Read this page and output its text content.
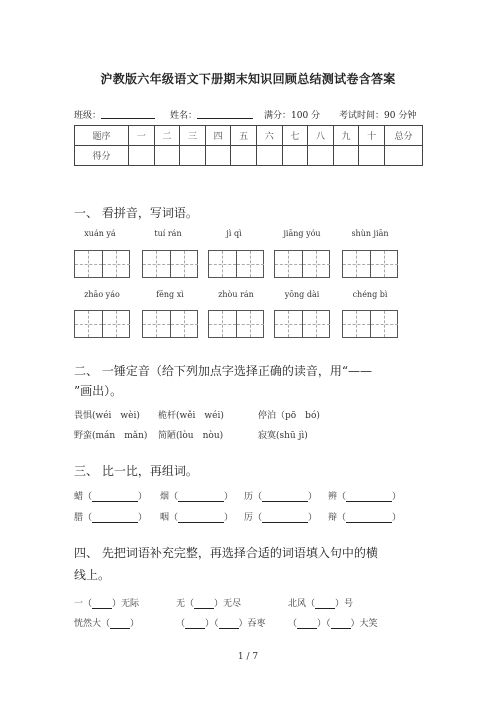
沪教版六年级语文下册期末知识回顾总结测试卷含答案
班级：	姓名：	满分：100 分 考试时间：90 分钟
题序	一	二	三	四	五	六	七	八	九	十	总分
得分											
一、 看拼音，写词语。
xuán yá	tuí rán	jì qì	jiāng yóu	shùn jiān
zhāo yáo	fēng xì	zhòu rán	yōng dài	chéng bì
二、 一锤定音（给下列加点字选择正确的读音，用“——
”画出）。
畏惧(wéi　wèi) 桅杆(wěi　wéi)	停泊（pō　bó)
野蛮(mán　mǎn) 简陋(lòu　nòu)	寂寞(shū jì)
三、 比一比，再组词。
蜡（	） 烟（	） 历（	） 辨（	）
腊（	） 咽（	） 厉（	） 辩（	）
四、 先把词语补充完整，再选择合适的词语填入句中的横
线上。
一（ ）无际	无（ ）无尽	北风（ ）号
恍然大（ ）	（ ）（ ）吞枣 （ ）（ ）大笑
1 / 7
